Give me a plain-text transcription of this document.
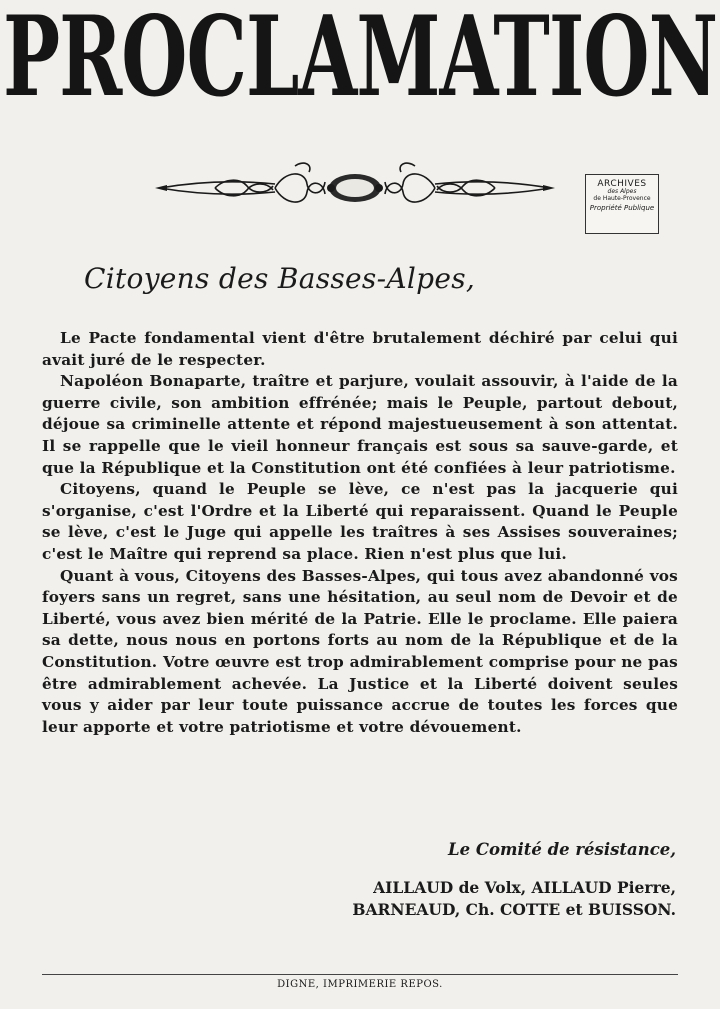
PROCLAMATION
ARCHIVES
des Alpes
de Haute-Provence
Propriété Publique
Citoyens des Basses-Alpes,

Le Pacte fondamental vient d'être brutalement déchiré par celui qui avait juré de le respecter.

Napoléon Bonaparte, traître et parjure, voulait assouvir, à l'aide de la guerre civile, son ambition effrénée; mais le Peuple, partout debout, déjoue sa criminelle attente et répond majestueusement à son attentat. Il se rappelle que le vieil honneur français est sous sa sauve-garde, et que la République et la Constitution ont été confiées à leur patriotisme.

Citoyens, quand le Peuple se lève, ce n'est pas la jacquerie qui s'organise, c'est l'Ordre et la Liberté qui reparaissent. Quand le Peuple se lève, c'est le Juge qui appelle les traîtres à ses Assises souveraines; c'est le Maître qui reprend sa place. Rien n'est plus que lui.

Quant à vous, Citoyens des Basses-Alpes, qui tous avez abandonné vos foyers sans un regret, sans une hésitation, au seul nom de Devoir et de Liberté, vous avez bien mérité de la Patrie. Elle le proclame. Elle paiera sa dette, nous nous en portons forts au nom de la République et de la Constitution. Votre œuvre est trop admirablement comprise pour ne pas être admirablement achevée. La Justice et la Liberté doivent seules vous y aider par leur toute puissance accrue de toutes les forces que leur apporte et votre patriotisme et votre dévouement.

Le Comité de résistance,
AILLAUD de Volx, AILLAUD Pierre,
BARNEAUD, Ch. COTTE et BUISSON.
DIGNE, IMPRIMERIE REPOS.
